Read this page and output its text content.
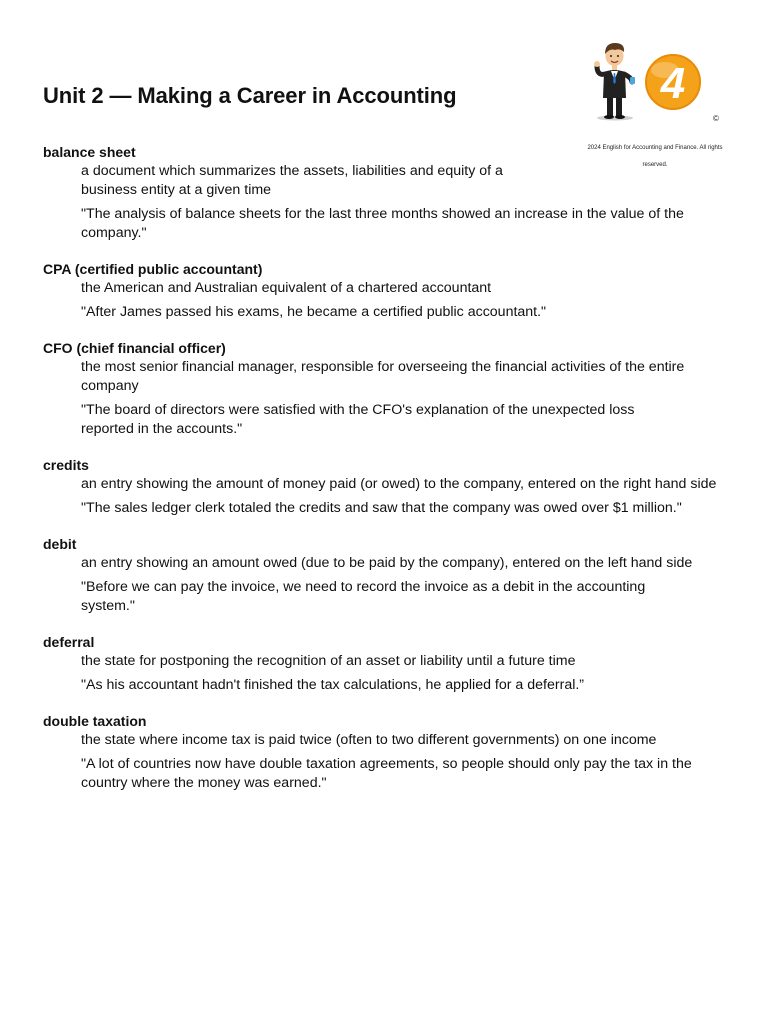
Unit 2 — Making a Career in Accounting	4
©
2024 English for Accounting and Finance. All rights reserved.
balance sheet
a document which summarizes the assets, liabilities and equity of a business entity at a given time
"The analysis of balance sheets for the last three months showed an increase in the value of the company."
CPA (certified public accountant)
the American and Australian equivalent of a chartered accountant
"After James passed his exams, he became a certified public accountant."
CFO (chief financial officer)
the most senior financial manager, responsible for overseeing the financial activities of the entire company
"The board of directors were satisfied with the CFO's explanation of the unexpected loss reported in the accounts."
credits
an entry showing the amount of money paid (or owed) to the company, entered on the right hand side
"The sales ledger clerk totaled the credits and saw that the company was owed over $1 million."
debit
an entry showing an amount owed (due to be paid by the company), entered on the left hand side
"Before we can pay the invoice, we need to record the invoice as a debit in the accounting system."
deferral
the state for postponing the recognition of an asset or liability until a future time
"As his accountant hadn't finished the tax calculations, he applied for a deferral.”
double taxation
the state where income tax is paid twice (often to two different governments) on one income
"A lot of countries now have double taxation agreements, so people should only pay the tax in the country where the money was earned."
